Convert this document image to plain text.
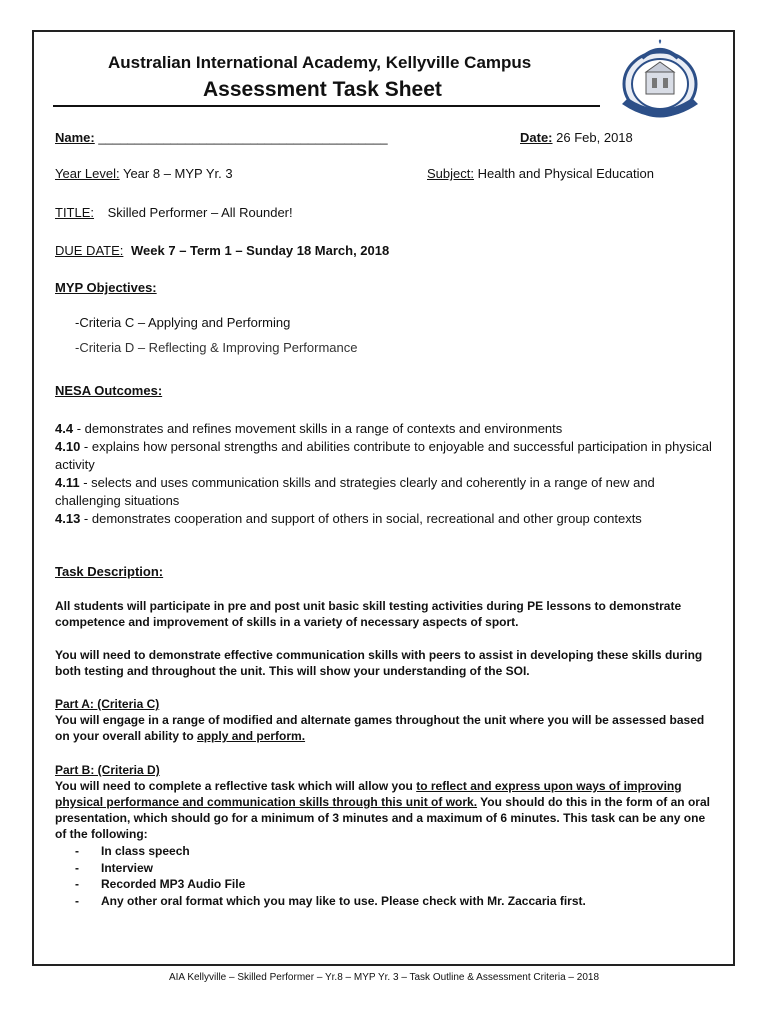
Australian International Academy, Kellyville Campus
Assessment Task Sheet
Name: ________________________________________	Date: 26 Feb, 2018
Year Level: Year 8 – MYP Yr. 3	Subject: Health and Physical Education
TITLE: Skilled Performer – All Rounder!
DUE DATE: Week 7 – Term 1 – Sunday 18 March, 2018
MYP Objectives:
-Criteria C – Applying and Performing
-Criteria D – Reflecting & Improving Performance
NESA Outcomes:
4.4 - demonstrates and refines movement skills in a range of contexts and environments
4.10 - explains how personal strengths and abilities contribute to enjoyable and successful participation in physical activity
4.11 - selects and uses communication skills and strategies clearly and coherently in a range of new and challenging situations
4.13 - demonstrates cooperation and support of others in social, recreational and other group contexts
Task Description:
All students will participate in pre and post unit basic skill testing activities during PE lessons to demonstrate competence and improvement of skills in a variety of necessary aspects of sport.
You will need to demonstrate effective communication skills with peers to assist in developing these skills during both testing and throughout the unit. This will show your understanding of the SOI.
Part A: (Criteria C)
You will engage in a range of modified and alternate games throughout the unit where you will be assessed based on your overall ability to apply and perform.
Part B: (Criteria D)
You will need to complete a reflective task which will allow you to reflect and express upon ways of improving physical performance and communication skills through this unit of work. You should do this in the form of an oral presentation, which should go for a minimum of 3 minutes and a maximum of 6 minutes. This task can be any one of the following:
- In class speech
- Interview
- Recorded MP3 Audio File
- Any other oral format which you may like to use. Please check with Mr. Zaccaria first.
AIA Kellyville – Skilled Performer – Yr.8 – MYP Yr. 3 – Task Outline & Assessment Criteria – 2018
